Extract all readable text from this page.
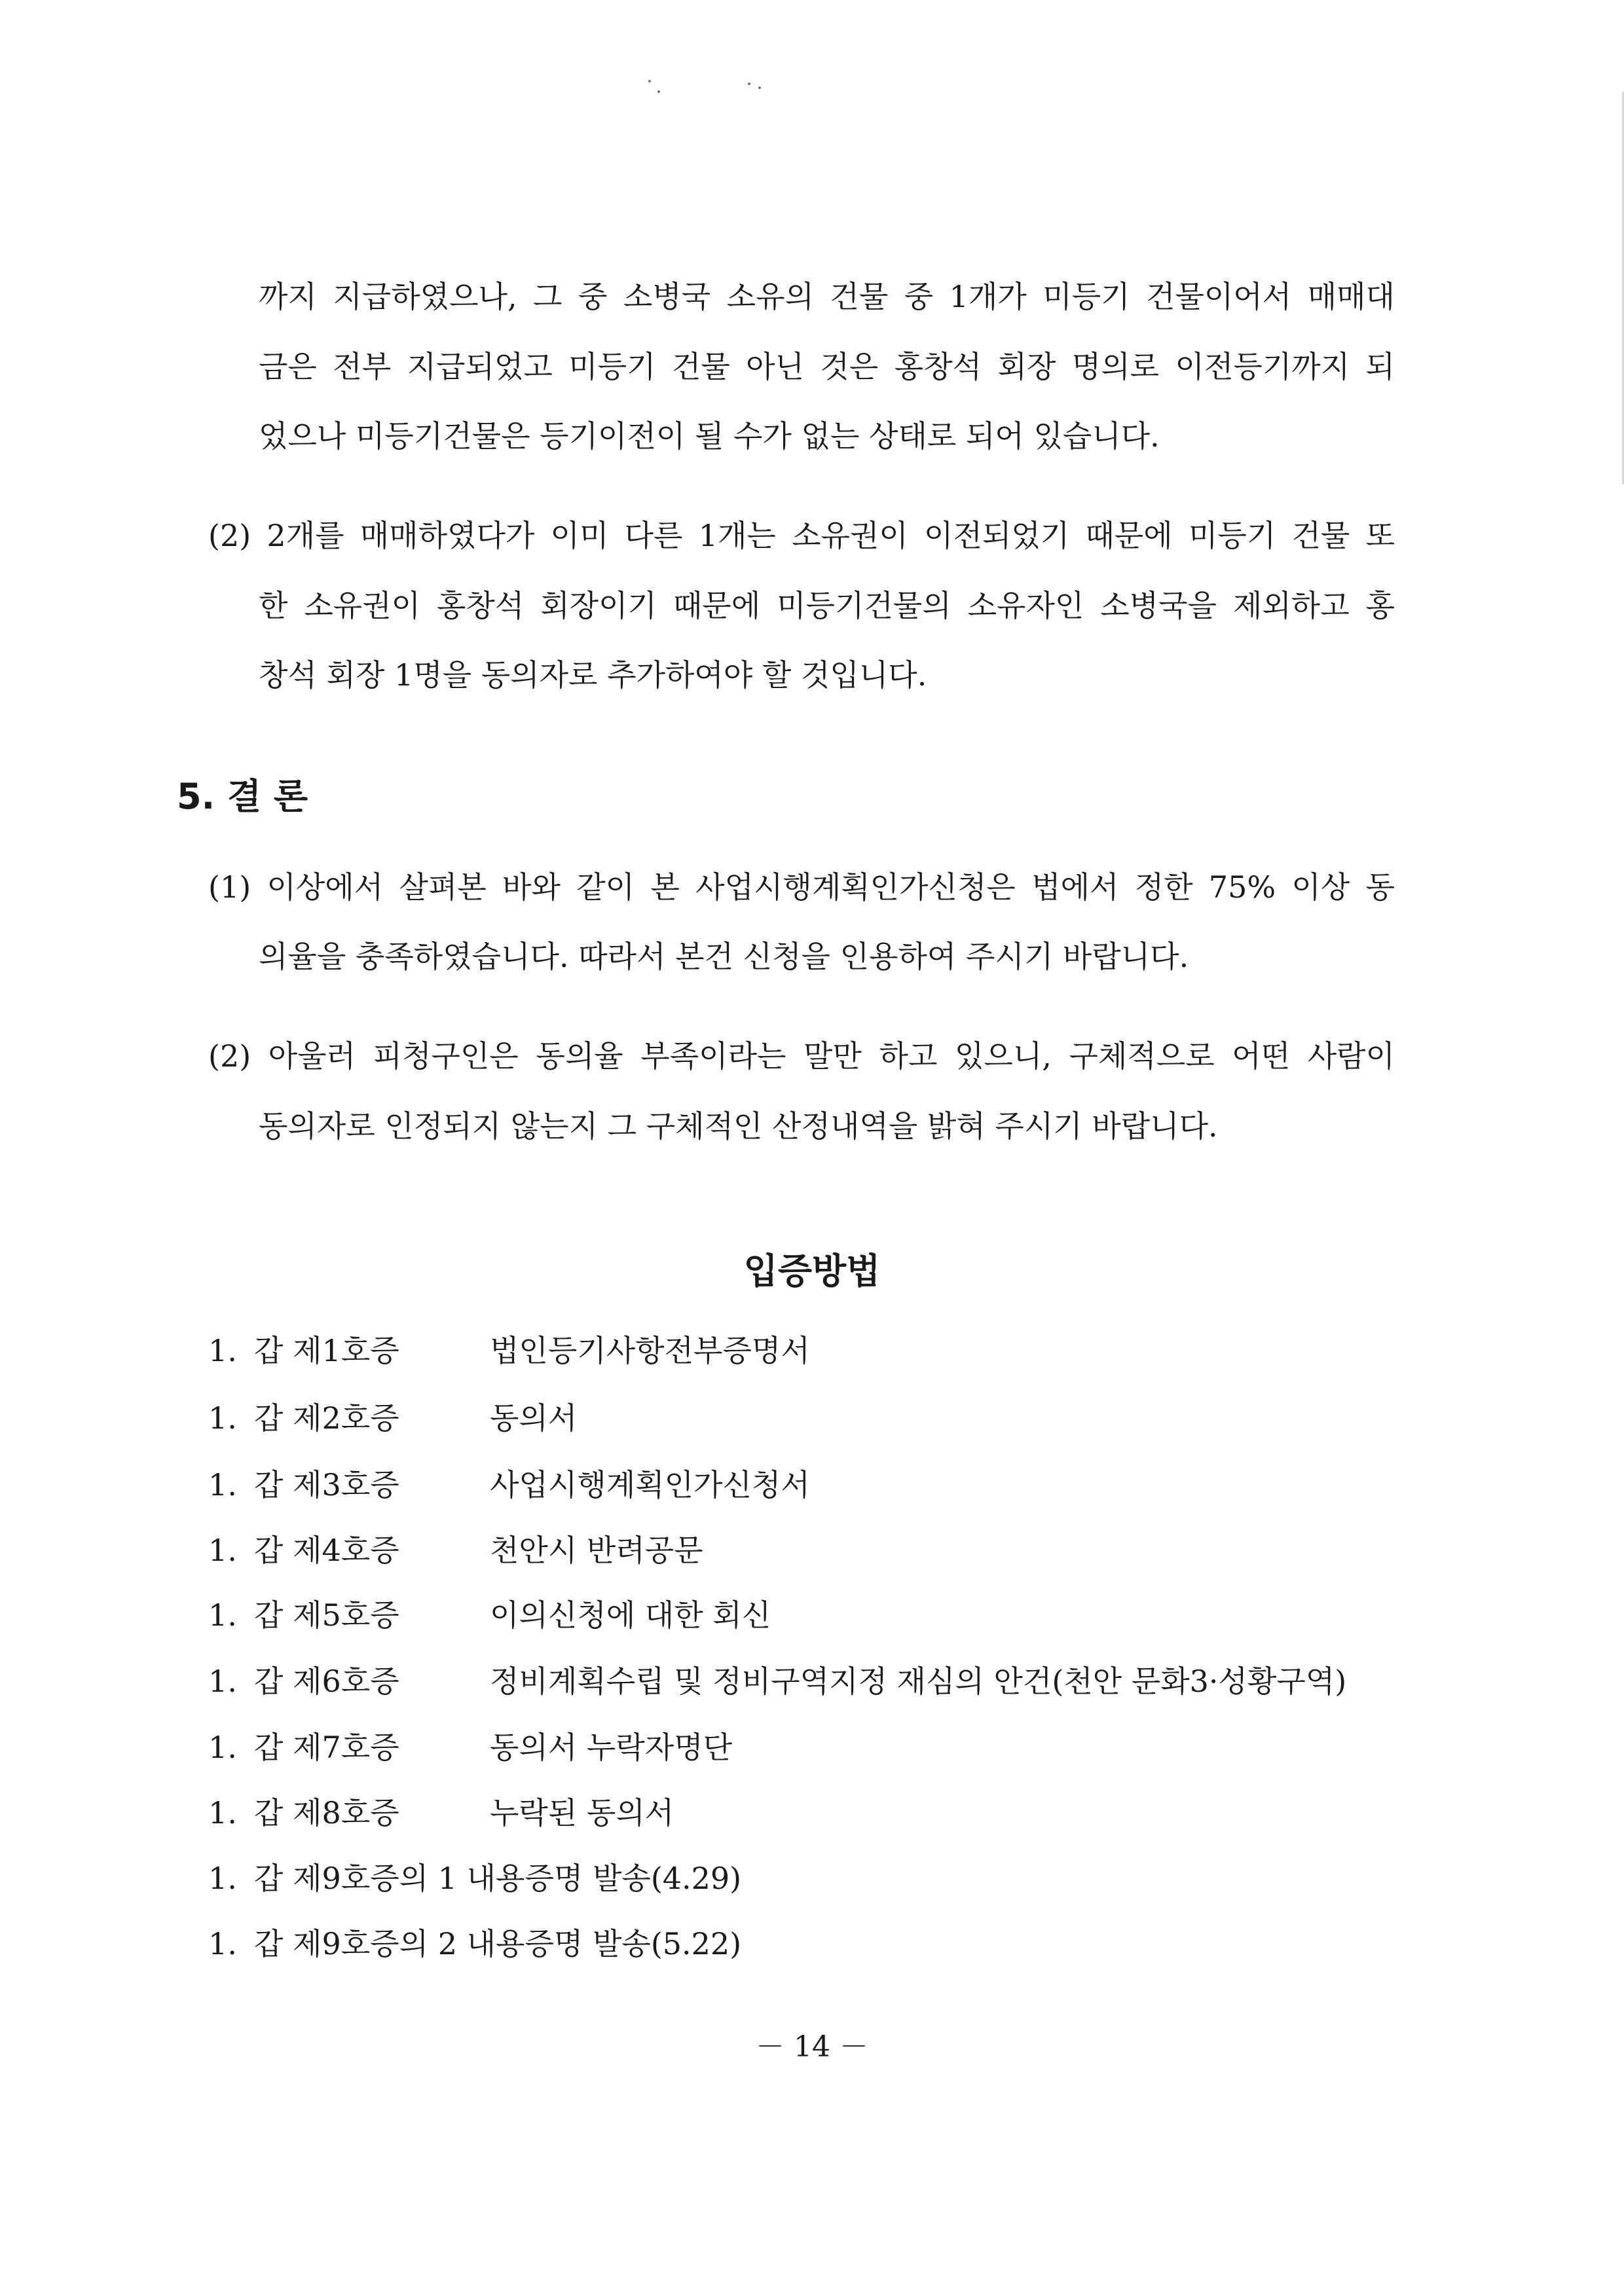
까지 지급하였으나, 그 중 소병국 소유의 건물 중 1개가 미등기 건물이어서 매매대
금은 전부 지급되었고 미등기 건물 아닌 것은 홍창석 회장 명의로 이전등기까지 되
었으나 미등기건물은 등기이전이 될 수가 없는 상태로 되어 있습니다.
(2) 2개를 매매하였다가 이미 다른 1개는 소유권이 이전되었기 때문에 미등기 건물 또
한 소유권이 홍창석 회장이기 때문에 미등기건물의 소유자인 소병국을 제외하고 홍
창석 회장 1명을 동의자로 추가하여야 할 것입니다.
5. 결 론
(1) 이상에서 살펴본 바와 같이 본 사업시행계획인가신청은 법에서 정한 75% 이상 동
의율을 충족하였습니다. 따라서 본건 신청을 인용하여 주시기 바랍니다.
(2) 아울러 피청구인은 동의율 부족이라는 말만 하고 있으니, 구체적으로 어떤 사람이
동의자로 인정되지 않는지 그 구체적인 산정내역을 밝혀 주시기 바랍니다.
입증방법
1. 갑 제1호증	법인등기사항전부증명서
1. 갑 제2호증	동의서
1. 갑 제3호증	사업시행계획인가신청서
1. 갑 제4호증	천안시 반려공문
1. 갑 제5호증	이의신청에 대한 회신
1. 갑 제6호증	정비계획수립 및 정비구역지정 재심의 안건(천안 문화3·성황구역)
1. 갑 제7호증	동의서 누락자명단
1. 갑 제8호증	누락된 동의서
1. 갑 제9호증의 1 내용증명 발송(4.29)
1. 갑 제9호증의 2 내용증명 발송(5.22)
－ 14 －
